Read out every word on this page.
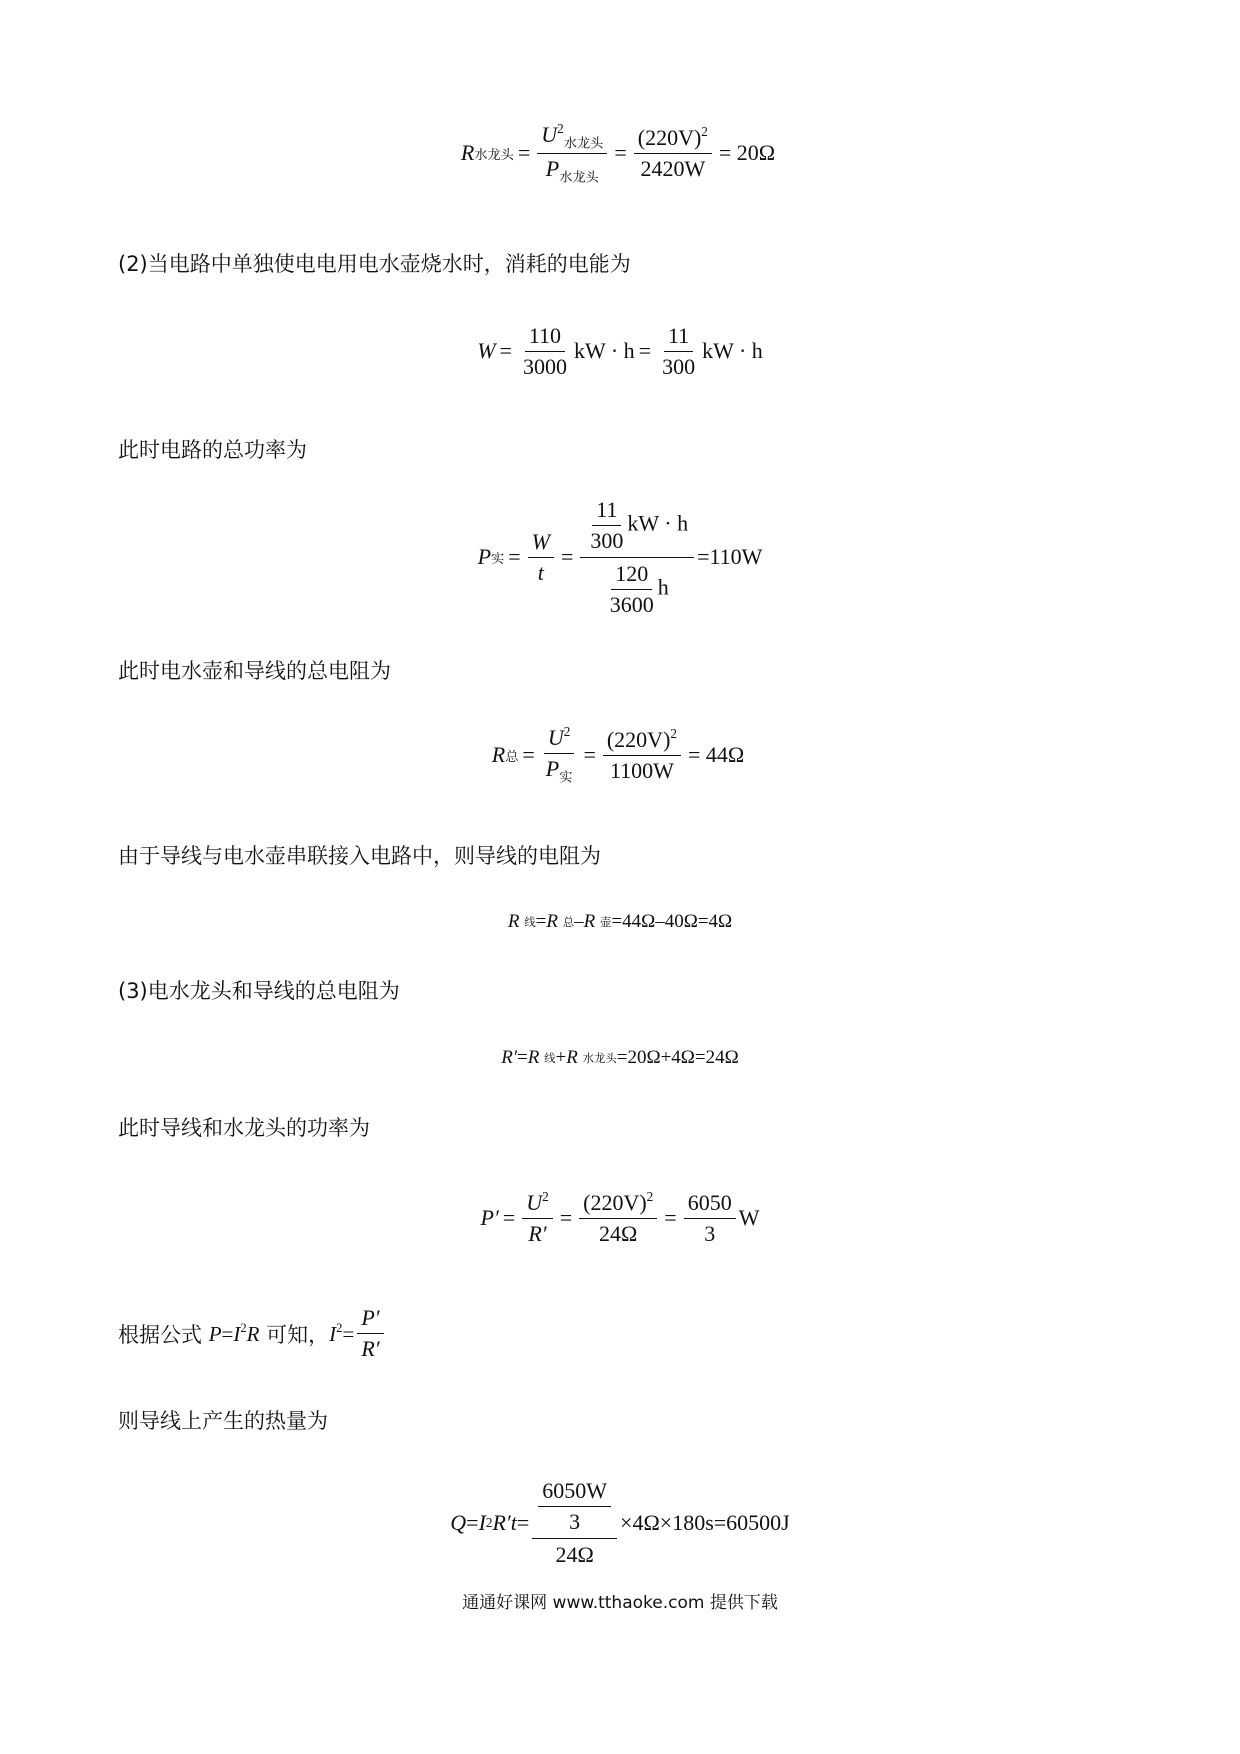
R 水龙头 = $\frac{U^2_{水龙头}}{P_{水龙头}} = \frac{(220V)^2}{2420W} = 20\Omega$
(2)当电路中单独使电电用电水壶烧水时，消耗的电能为
$W = \frac{110}{3000}$ kW · $h = \frac{11}{300}$ kW · h
此时电路的总功率为
P 实 = $\frac{W}{t} = \frac{\frac{11}{300} kW \cdot h}{\frac{120}{3600} h} =110W$
此时电水壶和导线的总电阻为
R 总 = $\frac{U^2}{P_实} = \frac{(220V)^2}{1100W} = 44\Omega$
由于导线与电水壶串联接入电路中，则导线的电阻为
R
线 = R
总 – R
壶 =44Ω–40Ω=4Ω
(3)电水龙头和导线的总电阻为
R′ = R
线 + R
水龙头 =20Ω+4Ω=24Ω
此时导线和水龙头的功率为
$P' = \frac{U^2}{R'} = \frac{(220V)^2}{24\Omega} = \frac{6050}{3}$ W
根据公式
$P=I^2R$
可知， $I^2= \frac{P'}{R'}$
则导线上产生的热量为
Q = I 2 $R't = \frac{\frac{6050W}{3}}{24\Omega} \times 4\Omega\times 180s=60500J$
通通好课网 www.tthaoke.com 提供下载
